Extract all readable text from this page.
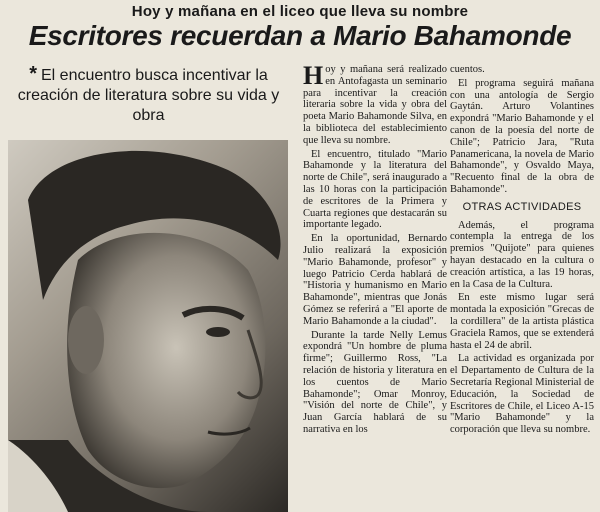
Hoy y mañana en el liceo que lleva su nombre
Escritores recuerdan a Mario Bahamonde
* El encuentro busca incentivar la creación de literatura sobre su vida y obra

Hoy y mañana será realizado en Antofagasta un seminario para incentivar la creación literaria sobre la vida y obra del poeta Mario Bahamonde Silva, en la biblioteca del establecimiento que lleva su nombre.

El encuentro, titulado "Mario Bahamonde y la literatura del norte de Chile", será inaugurado a las 10 horas con la participación de escritores de la Primera y Cuarta regiones que destacarán su importante legado.

En la oportunidad, Bernardo Julio realizará la exposición "Mario Bahamonde, profesor" y luego Patricio Cerda hablará de "Historia y humanismo en Mario Bahamonde", mientras que Jonás Gómez se referirá a "El aporte de Mario Bahamonde a la ciudad".

Durante la tarde Nelly Lemus expondrá "Un hombre de pluma firme"; Guillermo Ross, "La relación de historia y literatura en los cuentos de Mario Bahamonde"; Omar Monroy, "Visión del norte de Chile", y Juan García hablará de su narrativa en los

cuentos.

El programa seguirá mañana con una antología de Sergio Gaytán. Arturo Volantines expondrá "Mario Bahamonde y el canon de la poesía del norte de Chile"; Patricio Jara, "Ruta Panamericana, la novela de Mario Bahamonde", y Osvaldo Maya, "Recuento final de la obra de Bahamonde".

OTRAS ACTIVIDADES

Además, el programa contempla la entrega de los premios "Quijote" para quienes hayan destacado en la cultura o creación artística, a las 19 horas, en la Casa de la Cultura.

En este mismo lugar será montada la exposición "Grecas de la cordillera" de la artista plástica Graciela Ramos, que se extenderá hasta el 24 de abril.

La actividad es organizada por el Departamento de Cultura de la Secretaría Regional Ministerial de Educación, la Sociedad de Escritores de Chile, el Liceo A-15 "Mario Bahamonde" y la corporación que lleva su nombre.
